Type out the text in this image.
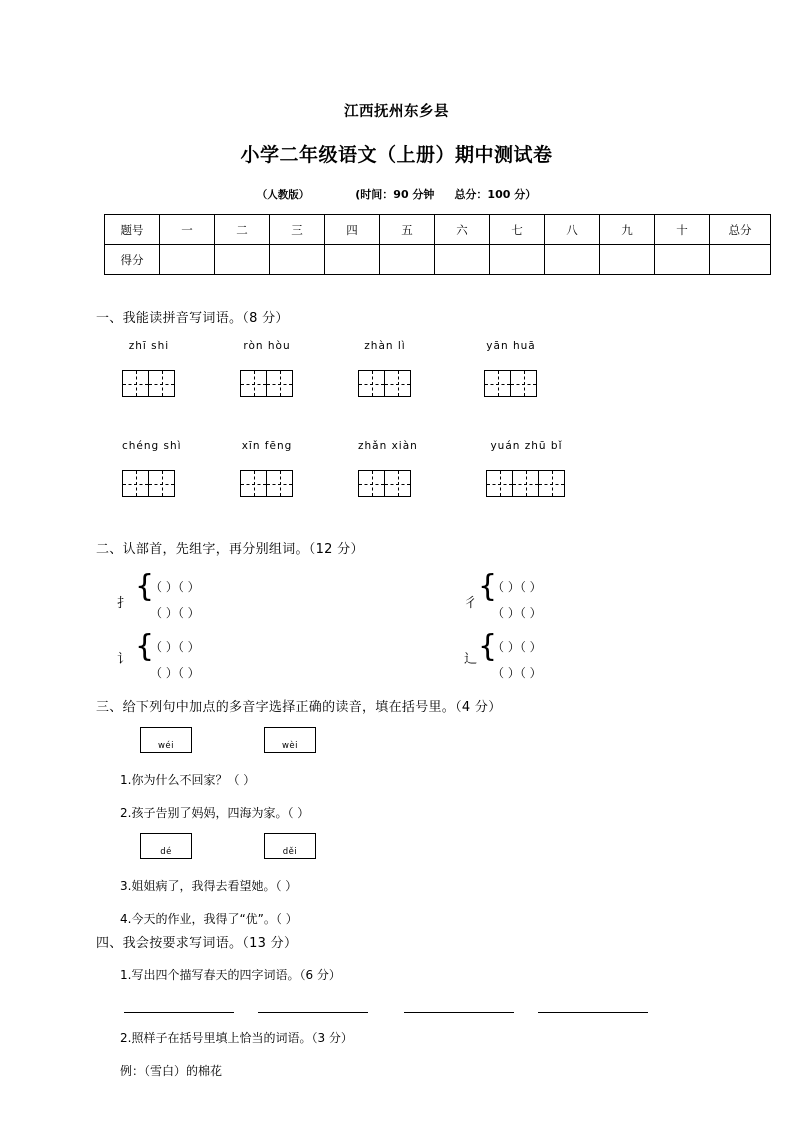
江西抚州东乡县
小学二年级语文（上册）期中测试卷
（人教版）	(时间：90 分钟 总分：100 分）
题号	一	二	三	四	五	六	七	八	九	十	总分
得分											
一、我能读拼音写词语。（8 分）
zhī shi	ròn hòu	zhàn lì	yān huā
chéng shì	xīn fēng	zhǎn xiàn	yuán zhū bǐ
二、认部首，先组字，再分别组词。（12 分）
扌 {
（ ）（ ）
（ ）（ ）
彳 {
（ ）（ ）
（ ）（ ）
讠 {
（ ）（ ）
（ ）（ ）
辶 {
（ ）（ ）
（ ）（ ）
三、给下列句中加点的多音字选择正确的读音，填在括号里。（4 分）
wéi	wèi
1.你为什么不回家？（ ）
2.孩子告别了妈妈，四海为家。（ ）
dé	děi
3.姐姐病了，我得去看望她。（ ）
4.今天的作业，我得了“优”。（ ）
四、我会按要求写词语。（13 分）
1.写出四个描写春天的四字词语。（6 分）
2.照样子在括号里填上恰当的词语。（3 分）
例：（雪白）的棉花
